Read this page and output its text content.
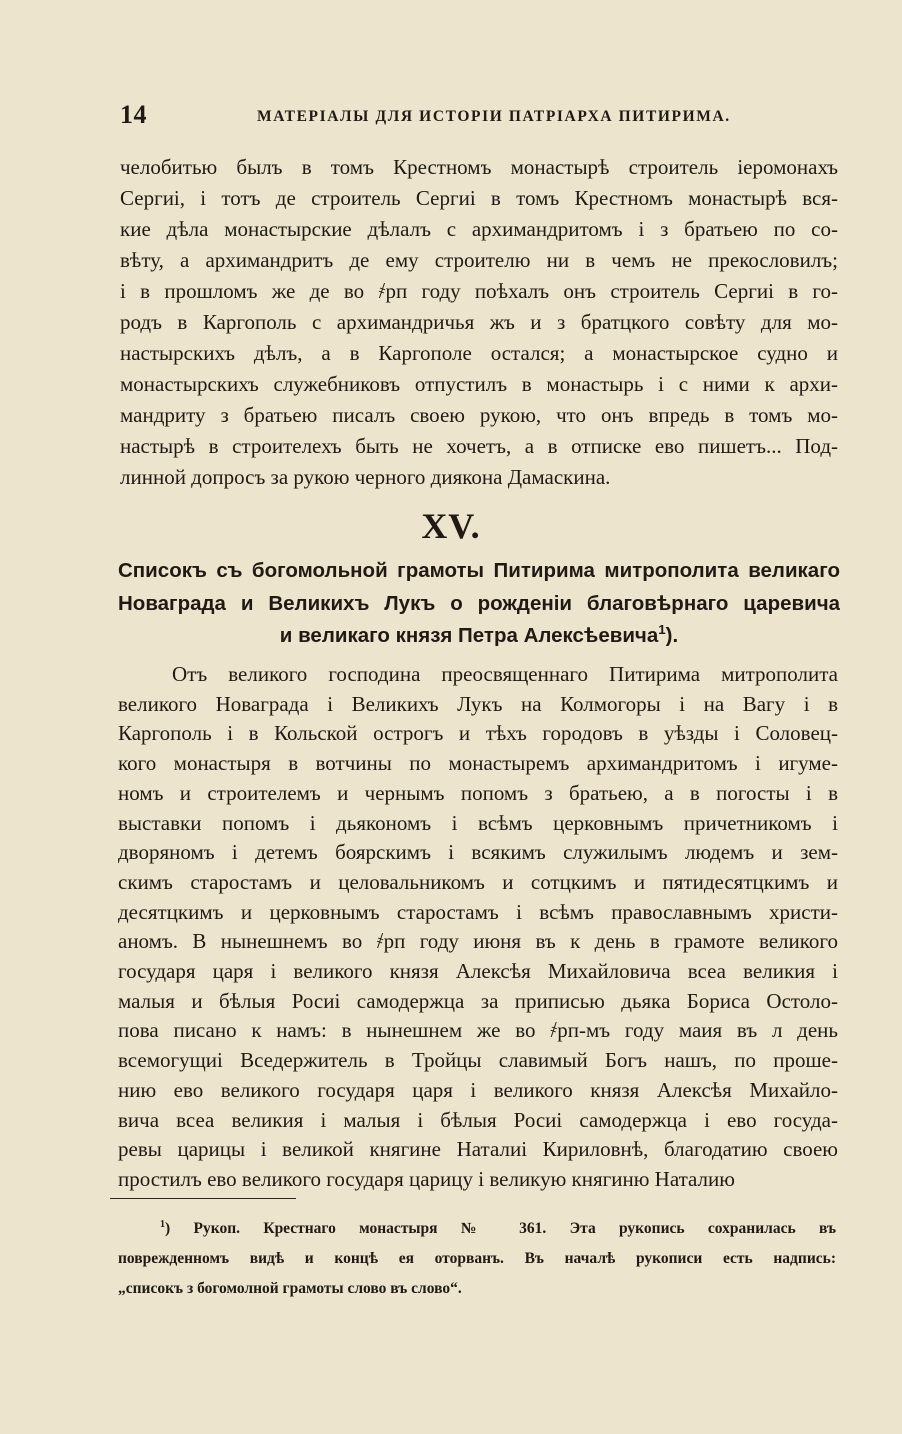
14	МАТЕРІАЛЫ ДЛЯ ИСТОРІИ ПАТРІАРХА ПИТИРИМА.
челобитью былъ в томъ Крестномъ монастырѣ строитель іеромонахъ
Сергиі, і тотъ де строитель Сергиі в томъ Крестномъ монастырѣ вся-
кие дѣла монастырские дѣлалъ с архимандритомъ і з братьею по со-
вѣту, а архимандритъ де ему строителю ни в чемъ не прекословилъ;
і в прошломъ же де во ҂рп году поѣхалъ онъ строитель Сергиі в го-
родъ в Каргополь с архимандричья жъ и з братцкого совѣту для мо-
настырскихъ дѣлъ, а в Каргополе остался; а монастырское судно и
монастырскихъ служебниковъ отпустилъ в монастырь і с ними к архи-
мандриту з братьею писалъ своею рукою, что онъ впредь в томъ мо-
настырѣ в строителехъ быть не хочетъ, а в отписке ево пишетъ... Под-
линной допросъ за рукою черного диякона Дамаскина.
XV.
Списокъ съ богомольной грамоты Питирима митрополита великаго
Новаграда и Великихъ Лукъ о рожденіи благовѣрнаго царевича
и великаго князя Петра Алексѣевича$^1$).
Отъ великого господина преосвященнаго Питирима митрополита
великого Новаграда і Великихъ Лукъ на Колмогоры і на Вагу і в
Каргополь і в Кольской острогъ и тѣхъ городовъ в уѣзды і Соловец-
кого монастыря в вотчины по монастыремъ архимандритомъ і игуме-
номъ и строителемъ и чернымъ попомъ з братьею, а в погосты і в
выставки попомъ і дьякономъ і всѣмъ церковнымъ причетникомъ і
дворяномъ і детемъ боярскимъ і всякимъ служилымъ людемъ и зем-
скимъ старостамъ и целовальникомъ и сотцкимъ и пятидесятцкимъ и
десятцкимъ и церковнымъ старостамъ і всѣмъ православнымъ христи-
аномъ. В нынешнемъ во ҂рп году июня въ к день в грамоте великого
государя царя і великого князя Алексѣя Михайловича всеа великия і
малыя и бѣлыя Росиі самодержца за приписью дьяка Бориса Остоло-
пова писано к намъ: в нынешнем же во ҂рп-мъ году маия въ л день
всемогущиі Вседержитель в Тройцы славимый Богъ нашъ, по проше-
нию ево великого государя царя і великого князя Алексѣя Михайло-
вича всеа великия і малыя і бѣлыя Росиі самодержца і ево госуда-
ревы царицы і великой княгине Наталиі Кириловнѣ, благодатию своею
простилъ ево великого государя царицу і великую княгиню Наталию
$^1$) Рукоп. Крестнаго монастыря № 361. Эта рукопись сохранилась въ
поврежденномъ видѣ и концѣ ея оторванъ. Въ началѣ рукописи есть надпись:
„списокъ з богомолной грамоты слово въ слово“.
